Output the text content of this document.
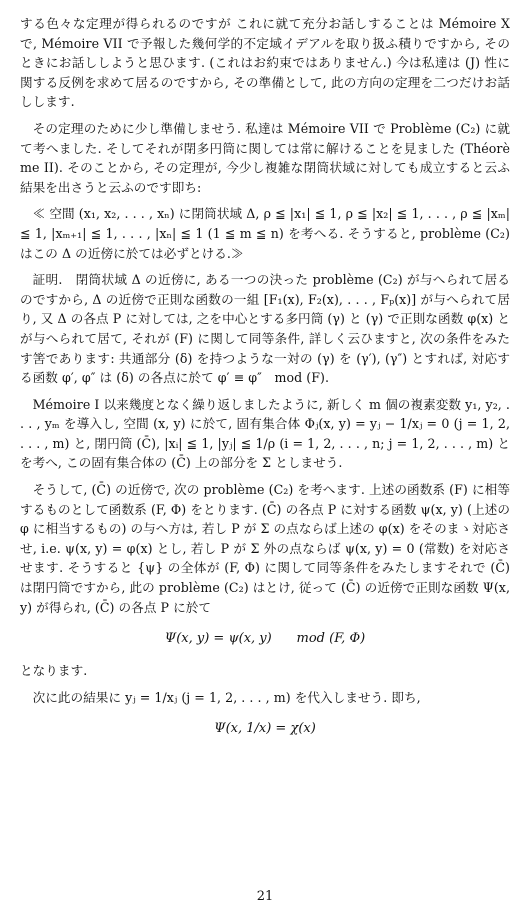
する色々な定理が得られるのですが これに就て充分お話しすることは Mémoire X で, Mémoire VII で予報した幾何学的不定域イデアルを取り扱ふ積りですから, そのときにお話ししようと思ひます. (これはお約束ではありません.) 今は私達は (J) 性に関する反例を求めて居るのですから, その準備として, 此の方向の定理を二つだけお話しします.

その定理のために少し準備しませう. 私達は Mémoire VII で Problème (C₂) に就て考へました. そしてそれが閉多円筒に関しては常に解けることを見ました (Théorème II). そのことから, その定理が, 今少し複雑な閉筒状域に対しても成立すると云ふ結果を出さうと云ふのです即ち:

≪ 空間 (x₁, x₂, . . . , xₙ) に閉筒状域 Δ, ρ ≦ |x₁| ≦ 1, ρ ≦ |x₂| ≦ 1, . . . , ρ ≦ |xₘ| ≦ 1, |xₘ₊₁| ≦ 1, . . . , |xₙ| ≦ 1 (1 ≦ m ≦ n) を考へる. そうすると, problème (C₂) はこの Δ の近傍に於ては必ずとける.≫

証明.　閉筒状域 Δ の近傍に, ある一つの決った problème (C₂) が与へられて居るのですから, Δ の近傍で正則な函数の一組 [F₁(x), F₂(x), . . . , Fₚ(x)] が与へられて居り, 又 Δ の各点 P に対しては, 之を中心とする多円筒 (γ) と (γ) で正則な函数 φ(x) とが与へられて居て, それが (F) に関して同等条件, 詳しく云ひますと, 次の条件をみたす筈であります: 共通部分 (δ) を持つような一対の (γ) を (γ′), (γ″) とすれば, 対応する函数 φ′, φ″ は (δ) の各点に於て φ′ ≡ φ″　mod (F).

Mémoire I 以来幾度となく繰り返しましたように, 新しく m 個の複素変数 y₁, y₂, . . . , yₘ を導入し, 空間 (x, y) に於て, 固有集合体 Φⱼ(x, y) = yⱼ − 1/xⱼ = 0 (j = 1, 2, . . . , m) と, 閉円筒 (C̄), |xᵢ| ≦ 1, |yⱼ| ≦ 1/ρ (i = 1, 2, . . . , n; j = 1, 2, . . . , m) とを考へ, この固有集合体の (C̄) 上の部分を Σ としませう.

そうして, (C̄) の近傍で, 次の problème (C₂) を考へます. 上述の函数系 (F) に相等するものとして函数系 (F, Φ) をとります. (C̄) の各点 P に対する函数 ψ(x, y) (上述の φ に相当するもの) の与へ方は, 若し P が Σ の点ならば上述の φ(x) をそのまゝ対応させ, i.e. ψ(x, y) = φ(x) とし, 若し P が Σ 外の点ならば ψ(x, y) = 0 (常数) を対応させます. そうすると {ψ} の全体が (F, Φ) に関して同等条件をみたしますそれで (C̄) は閉円筒ですから, 此の problème (C₂) はとけ, 従って (C̄) の近傍で正則な函数 Ψ(x, y) が得られ, (C̄) の各点 P に於て

Ψ(x, y) = ψ(x, y)      mod (F, Φ)

となります.

次に此の結果に yⱼ = 1/xⱼ (j = 1, 2, . . . , m) を代入しませう. 即ち,

Ψ(x, 1/x) = χ(x)
21
